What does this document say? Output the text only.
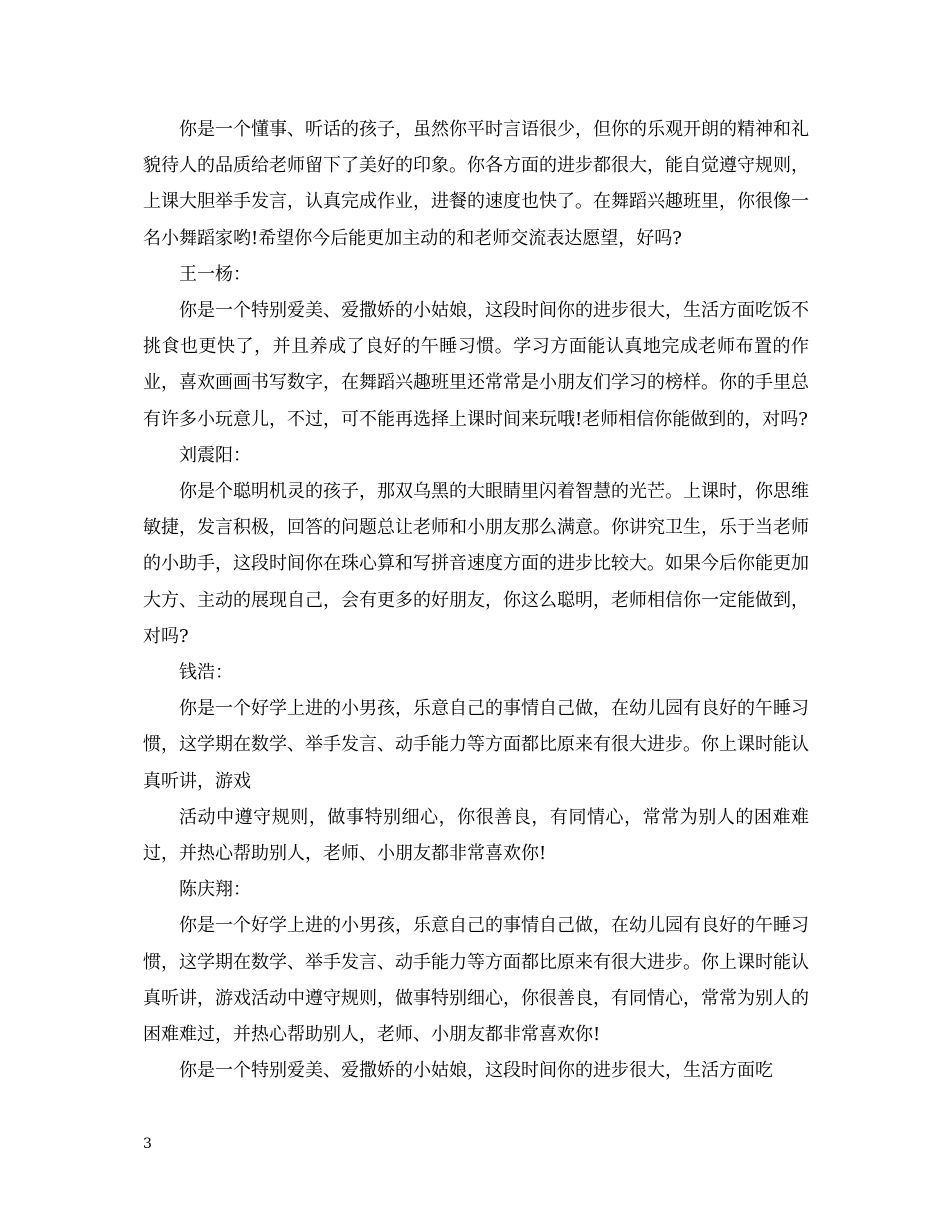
你是一个懂事、听话的孩子，虽然你平时言语很少，但你的乐观开朗的精神和礼貌待人的品质给老师留下了美好的印象。你各方面的进步都很大，能自觉遵守规则，上课大胆举手发言，认真完成作业，进餐的速度也快了。在舞蹈兴趣班里，你很像一名小舞蹈家哟!希望你今后能更加主动的和老师交流表达愿望，好吗?

王一杨：

你是一个特别爱美、爱撒娇的小姑娘，这段时间你的进步很大，生活方面吃饭不挑食也更快了，并且养成了良好的午睡习惯。学习方面能认真地完成老师布置的作业，喜欢画画书写数字，在舞蹈兴趣班里还常常是小朋友们学习的榜样。你的手里总有许多小玩意儿，不过，可不能再选择上课时间来玩哦!老师相信你能做到的，对吗?

刘震阳：

你是个聪明机灵的孩子，那双乌黑的大眼睛里闪着智慧的光芒。上课时，你思维敏捷，发言积极，回答的问题总让老师和小朋友那么满意。你讲究卫生，乐于当老师的小助手，这段时间你在珠心算和写拼音速度方面的进步比较大。如果今后你能更加大方、主动的展现自己，会有更多的好朋友，你这么聪明，老师相信你一定能做到，对吗?

钱浩：

你是一个好学上进的小男孩，乐意自己的事情自己做，在幼儿园有良好的午睡习惯，这学期在数学、举手发言、动手能力等方面都比原来有很大进步。你上课时能认真听讲，游戏

活动中遵守规则，做事特别细心，你很善良，有同情心，常常为别人的困难难过，并热心帮助别人，老师、小朋友都非常喜欢你!

陈庆翔：

你是一个好学上进的小男孩，乐意自己的事情自己做，在幼儿园有良好的午睡习惯，这学期在数学、举手发言、动手能力等方面都比原来有很大进步。你上课时能认真听讲，游戏活动中遵守规则，做事特别细心，你很善良，有同情心，常常为别人的困难难过，并热心帮助别人，老师、小朋友都非常喜欢你!

你是一个特别爱美、爱撒娇的小姑娘，这段时间你的进步很大，生活方面吃

3
